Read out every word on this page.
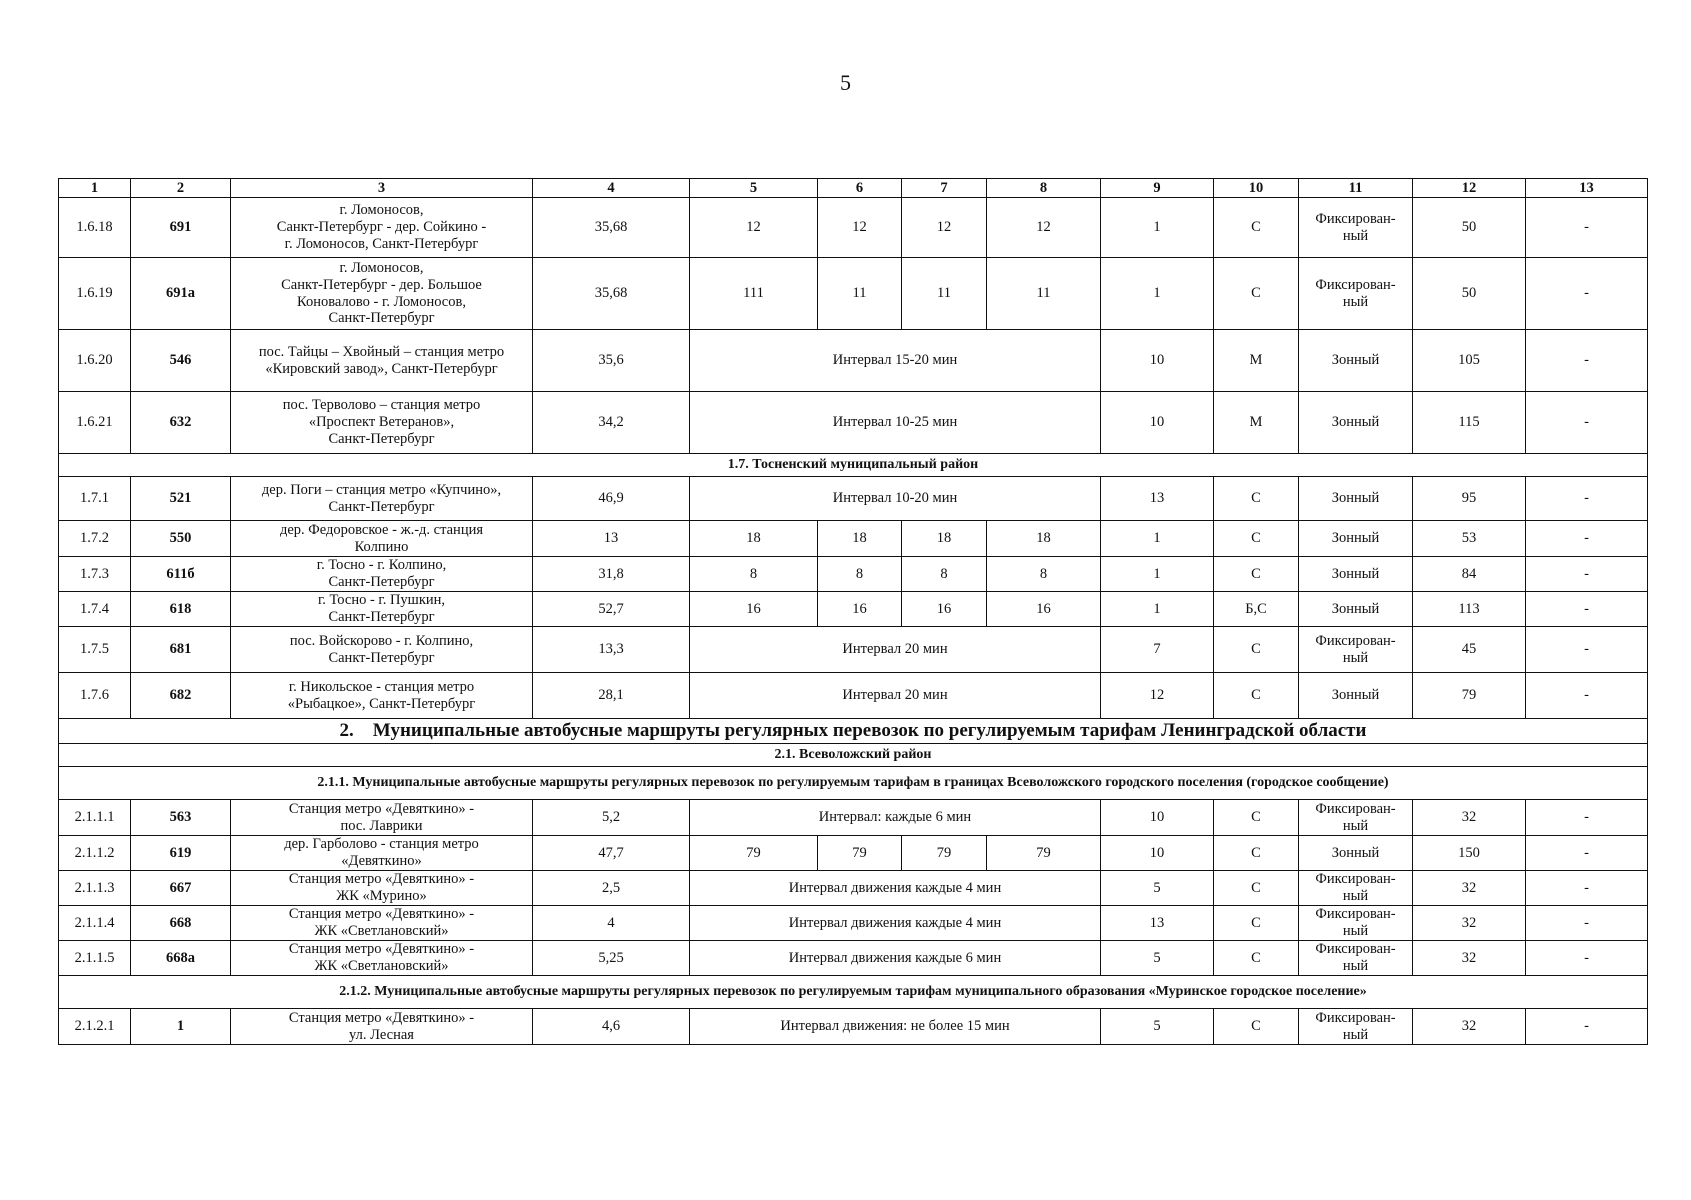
5
1	2	3	4	5	6	7	8	9	10	11	12	13
1.6.18	691	г. Ломоносов,
Санкт-Петербург - дер. Сойкино -
г. Ломоносов, Санкт-Петербург	35,68	12	12	12	12	1	С	Фиксирован-
ный	50	-
1.6.19	691а	г. Ломоносов,
Санкт-Петербург - дер. Большое
Коновалово - г. Ломоносов,
Санкт-Петербург	35,68	111	11	11	11	1	С	Фиксирован-
ный	50	-
1.6.20	546	пос. Тайцы – Хвойный – станция метро
«Кировский завод», Санкт-Петербург	35,6	Интервал 15-20 мин				10	М	Зонный	105	-
1.6.21	632	пос. Терволово – станция метро
«Проспект Ветеранов»,
Санкт-Петербург	34,2	Интервал 10-25 мин				10	М	Зонный	115	-
1.7. Тосненский муниципальный район												
1.7.1	521	дер. Поги – станция метро «Купчино»,
Санкт-Петербург	46,9	Интервал 10-20 мин				13	С	Зонный	95	-
1.7.2	550	дер. Федоровское - ж.-д. станция
Колпино	13	18	18	18	18	1	С	Зонный	53	-
1.7.3	611б	г. Тосно - г. Колпино,
Санкт-Петербург	31,8	8	8	8	8	1	С	Зонный	84	-
1.7.4	618	г. Тосно - г. Пушкин,
Санкт-Петербург	52,7	16	16	16	16	1	Б,С	Зонный	113	-
1.7.5	681	пос. Войскорово - г. Колпино,
Санкт-Петербург	13,3	Интервал 20 мин				7	С	Фиксирован-
ный	45	-
1.7.6	682	г. Никольское - станция метро
«Рыбацкое», Санкт-Петербург	28,1	Интервал 20 мин				12	С	Зонный	79	-
2.    Муниципальные автобусные маршруты регулярных перевозок по регулируемым тарифам Ленинградской области												
2.1. Всеволожский район												
2.1.1. Муниципальные автобусные маршруты регулярных перевозок по регулируемым тарифам в границах Всеволожского городского поселения (городское сообщение)												
2.1.1.1	563	Станция метро «Девяткино» -
пос. Лаврики	5,2	Интервал: каждые 6 мин				10	С	Фиксирован-
ный	32	-
2.1.1.2	619	дер. Гарболово - станция метро
«Девяткино»	47,7	79	79	79	79	10	С	Зонный	150	-
2.1.1.3	667	Станция метро «Девяткино» -
ЖК «Мурино»	2,5	Интервал движения каждые 4 мин				5	С	Фиксирован-
ный	32	-
2.1.1.4	668	Станция метро «Девяткино» -
ЖК «Светлановский»	4	Интервал движения каждые 4 мин				13	С	Фиксирован-
ный	32	-
2.1.1.5	668а	Станция метро «Девяткино» -
ЖК «Светлановский»	5,25	Интервал движения каждые 6 мин				5	С	Фиксирован-
ный	32	-
2.1.2. Муниципальные автобусные маршруты регулярных перевозок по регулируемым тарифам муниципального образования «Муринское городское поселение»												
2.1.2.1	1	Станция метро «Девяткино» -
ул. Лесная	4,6	Интервал движения: не более 15 мин				5	С	Фиксирован-
ный	32	-
